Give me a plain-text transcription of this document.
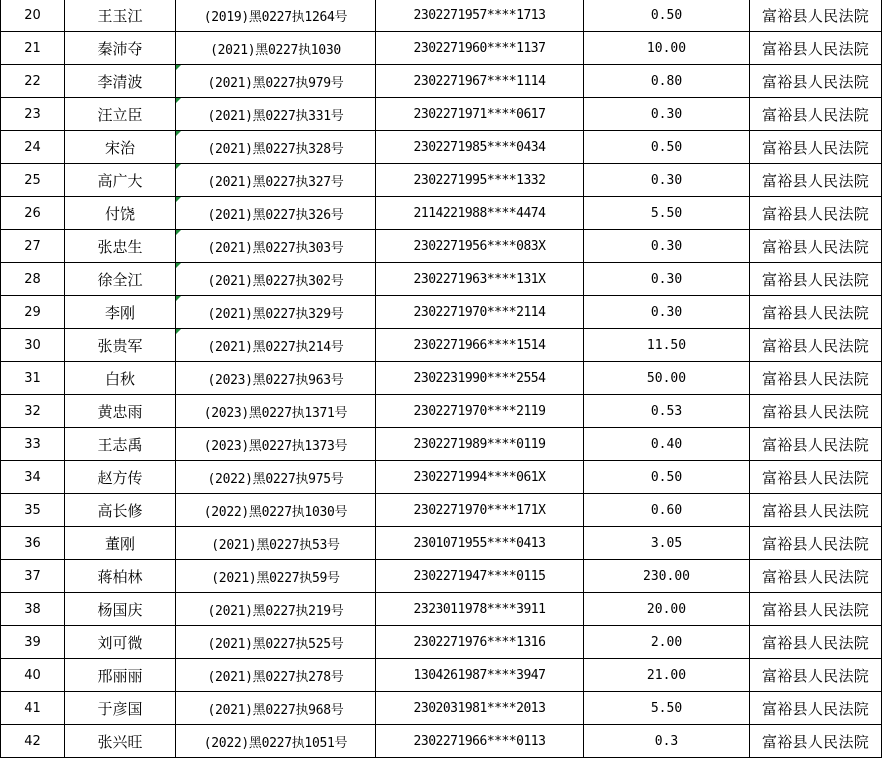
20	王玉江	(2019)黑0227执1264号	2302271957****1713	0.50	富裕县人民法院
21	秦沛夺	(2021)黑0227执1030	2302271960****1137	10.00	富裕县人民法院
22	李清波	(2021)黑0227执979号	2302271967****1114	0.80	富裕县人民法院
23	汪立臣	(2021)黑0227执331号	2302271971****0617	0.30	富裕县人民法院
24	宋治	(2021)黑0227执328号	2302271985****0434	0.50	富裕县人民法院
25	高广大	(2021)黑0227执327号	2302271995****1332	0.30	富裕县人民法院
26	付饶	(2021)黑0227执326号	2114221988****4474	5.50	富裕县人民法院
27	张忠生	(2021)黑0227执303号	2302271956****083X	0.30	富裕县人民法院
28	徐全江	(2021)黑0227执302号	2302271963****131X	0.30	富裕县人民法院
29	李刚	(2021)黑0227执329号	2302271970****2114	0.30	富裕县人民法院
30	张贵军	(2021)黑0227执214号	2302271966****1514	11.50	富裕县人民法院
31	白秋	(2023)黑0227执963号	2302231990****2554	50.00	富裕县人民法院
32	黄忠雨	(2023)黑0227执1371号	2302271970****2119	0.53	富裕县人民法院
33	王志禹	(2023)黑0227执1373号	2302271989****0119	0.40	富裕县人民法院
34	赵方传	(2022)黑0227执975号	2302271994****061X	0.50	富裕县人民法院
35	高长修	(2022)黑0227执1030号	2302271970****171X	0.60	富裕县人民法院
36	董刚	(2021)黑0227执53号	2301071955****0413	3.05	富裕县人民法院
37	蒋柏林	(2021)黑0227执59号	2302271947****0115	230.00	富裕县人民法院
38	杨国庆	(2021)黑0227执219号	2323011978****3911	20.00	富裕县人民法院
39	刘可微	(2021)黑0227执525号	2302271976****1316	2.00	富裕县人民法院
40	邢丽丽	(2021)黑0227执278号	1304261987****3947	21.00	富裕县人民法院
41	于彦国	(2021)黑0227执968号	2302031981****2013	5.50	富裕县人民法院
42	张兴旺	(2022)黑0227执1051号	2302271966****0113	0.3	富裕县人民法院
